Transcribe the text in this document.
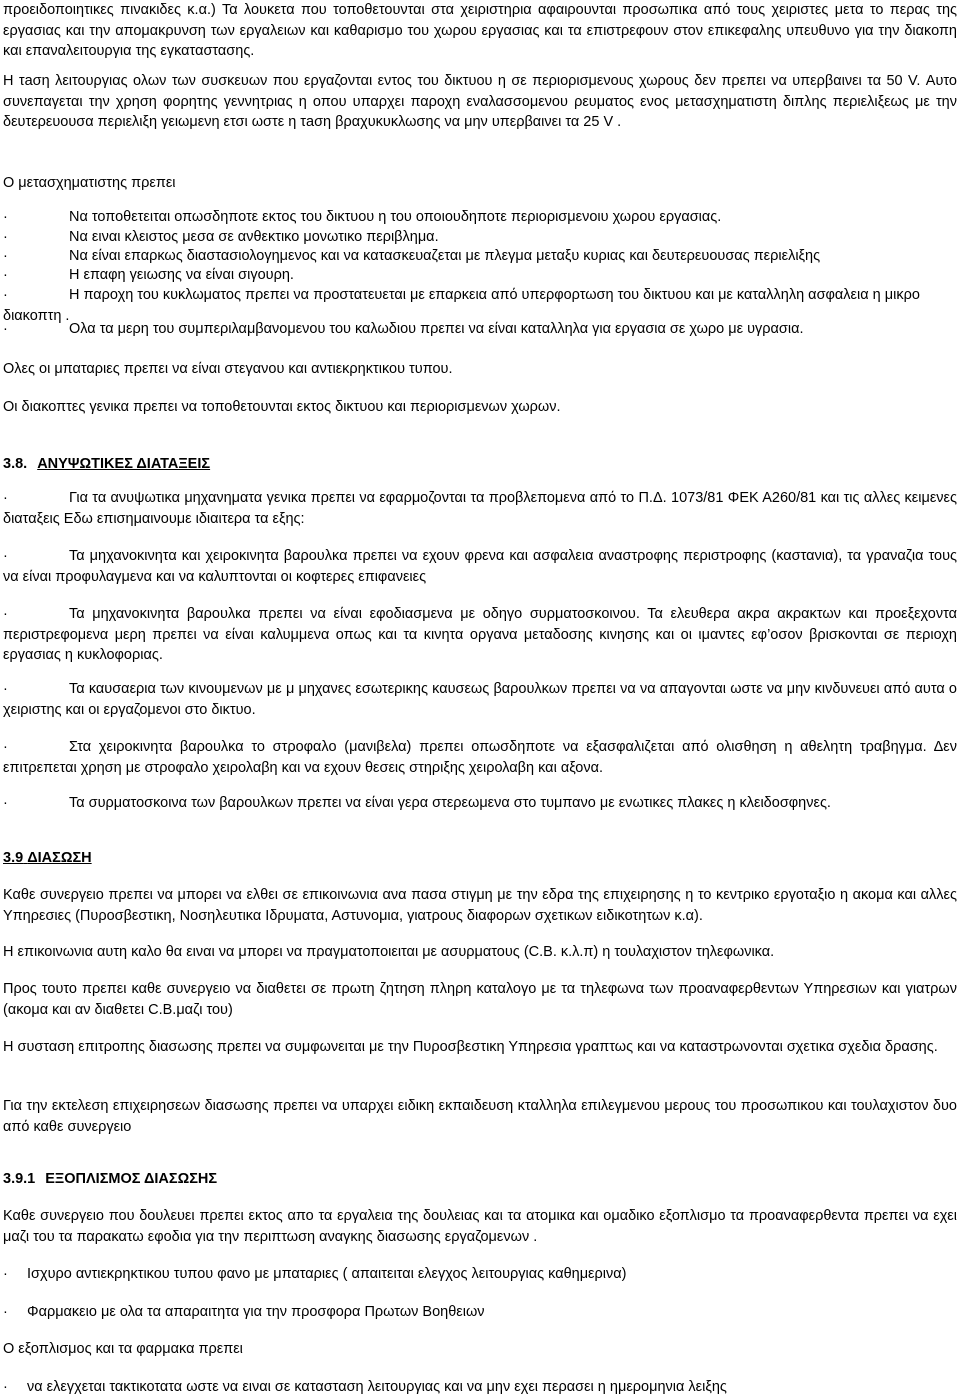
προειδοποιητικες πινακιδες κ.α.) Τα λουκετα που τοποθετουνται στα χειριστηρια αφαιρουνται προσωπικα από τους χειριστες μετα το περας της εργασιας και την απομακρυνση των εργαλειων και καθαρισμο του χωρου εργασιας και τα επιστρεφουν στον επικεφαλης υπευθυνο για την διακοπη και επαναλειτουργια της εγκαταστασης.

Η τaση λειτουργιας ολων των συσκευων που εργαζονται εντος του δικτυου η σε περιορισμενους χωρους δεν πρεπει να υπερβαινει τα 50 V. Αυτο συνεπαγεται την χρηση φορητης γεννητριας η οπου υπαρχει παροχη εναλασσομενου ρευματος ενος μετασχηματιστη διπλης περιελιξεως με την δευτερευουσα περιελιξη γειωμενη ετσι ωστε η τaση βραχυκυκλωσης να μην υπερβαινει τα 25 V .

Ο μετασχηματιστης πρεπει

·	Να τοποθετειται οπωσδηποτε εκτος του δικτυου η του οποιουδηποτε περιορισμενοιυ χωρου εργασιας.
·	Να ειναι κλειστος μεσα σε ανθεκτικο μονωτικο περιβλημα.
·	Να είναι επαρκως διαστασιολογημενος και να κατασκευαζεται με πλεγμα μεταξυ κυριας και δευτερευουσας περιελιξης
·	Η επαφη γειωσης να είναι σιγουρη.
·	Η παροχη του κυκλωματος πρεπει να προστατευεται με επαρκεια από υπερφορτωση του δικτυου και με καταλληλη ασφαλεια η μικρο διακοπτη .
·	Ολα τα μερη του συμπεριλαμβανομενου του καλωδιου πρεπει να είναι καταλληλα για εργασια σε χωρο με υγρασια.

Ολες οι μπαταριες πρεπει να είναι στεγανου και αντιεκρηκτικου τυπου.

Οι διακοπτες γενικα πρεπει να τοποθετουνται εκτος δικτυου και περιορισμενων χωρων.

3.8. ΑΝΥΨΩΤΙΚΕΣ ΔΙΑΤΑΞΕΙΣ
·	Για τα ανυψωτικα μηχανηματα γενικα πρεπει να εφαρμοζονται τα προβλεπομενα από το Π.Δ. 1073/81 ΦΕΚ Α260/81 και τις αλλες κειμενες διαταξεις Εδω επισημαινουμε ιδιαιτερα τα εξης:
·	Τα μηχανοκινητα και χειροκινητα βαρουλκα πρεπει να εχουν φρενα και ασφαλεια αναστροφης περιστροφης (καστανια), τα γραναζια τους να είναι προφυλαγμενα και να καλυπτονται οι κοφτερες επιφανειες
·	Τα μηχανοκινητα βαρουλκα πρεπει να είναι εφοδιασμενα με οδηγο συρματοσκοινου. Τα ελευθερα ακρα ακρακτων και προεξεχοντα περιστρεφομενα μερη πρεπει να είναι καλυμμενα οπως και τα κινητα οργανα μεταδοσης κινησης και οι ιμαντες εφ’οσον βρισκονται σε περιοχη εργασιας η κυκλοφοριας.
·	Τα καυσαερια των κινουμενων με μ μηχανες εσωτερικης καυσεως βαρουλκων πρεπει να να απαγονται ωστε να μην κινδυνευει από αυτα ο χειριστης και οι εργαζομενοι στο δικτυο.
·	Στα χειροκινητα βαρουλκα το στροφαλο (μανιβελα) πρεπει οπωσδηποτε να εξασφαλιζεται από ολισθηση η αθελητη τραβηγμα. Δεν επιτρεπεται χρηση με στροφαλο χειρολαβη και να εχουν θεσεις στηριξης χειρολαβη και αξονα.
·	Τα συρματοσκοινα των βαρουλκων πρεπει να είναι γερα στερεωμενα στο τυμπανο με ενωτικες πλακες η κλειδοσφηνες.
3.9 ΔΙΑΣΩΣΗ

Καθε συνεργειο πρεπει να μπορει να ελθει σε επικοινωνια ανα πασα στιγμη με την εδρα της επιχειρησης η το κεντρικο εργοταξιο η ακομα και αλλες Υπηρεσιες (Πυροσβεστικη, Νοσηλευτικα Ιδρυματα, Αστυνομια, γιατρους διαφορων σχετικων ειδικοτητων κ.α).

Η επικοινωνια αυτη καλο θα ειναι να μπορει να πραγματοποιειται με ασυρματους (C.B. κ.λ.π) η τουλαχιστον τηλεφωνικα.

Προς τουτο πρεπει καθε συνεργειο να διαθετει σε πρωτη ζητηση πληρη καταλογο με τα τηλεφωνα των προαναφερθεντων Υπηρεσιων και γιατρων (ακομα και αν διαθετει C.B.μαζι του)

Η συσταση επιτροπης διασωσης πρεπει να συμφωνειται με την Πυροσβεστικη Υπηρεσια γραπτως και να καταστρωνονται σχετικα σχεδια δρασης.

Για την εκτελεση επιχειρησεων διασωσης πρεπει να υπαρχει ειδικη εκπαιδευση κταλληλα επιλεγμενου μερους του προσωπικου και τουλαχιστον δυο από καθε συνεργειο

3.9.1 ΕΞΟΠΛΙΣΜΟΣ ΔΙΑΣΩΣΗΣ

Καθε συνεργειο που δουλευει πρεπει εκτος απο τα εργαλεια της δουλειας και τα ατομικα και ομαδικο εξοπλισμο τα προαναφερθεντα πρεπει να εχει μαζι του τα παρακατω εφοδια για την περιπτωση αναγκης διασωσης εργαζομενων .

·	Ισχυρο αντιεκρηκτικου τυπου φανο με μπαταριες ( απαιτειται ελεγχος λειτουργιας καθημερινα)
·	Φαρμακειο με ολα τα απαραιτητα για την προσφορα Πρωτων Βοηθειων

Ο εξοπλισμος και τα φαρμακα πρεπει

·	να ελεγχεται τακτικοτατα ωστε να ειναι σε κατασταση λειτουργιας και να μην εχει περασει η ημερομηνια λειξης
